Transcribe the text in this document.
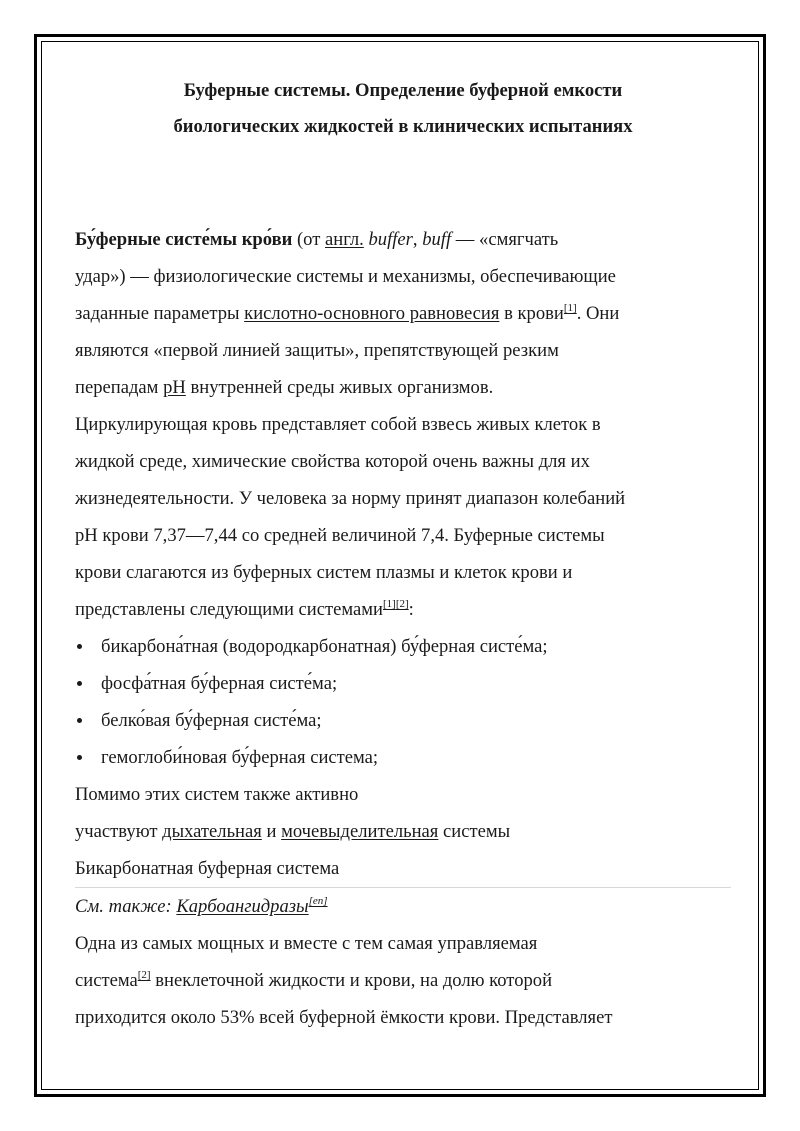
Буферные системы. Определение буферной емкости
биологических жидкостей в клинических испытаниях

Бу́ферные систе́мы кро́ви (от англ. buffer, buff — «смягчать
удар») — физиологические системы и механизмы, обеспечивающие
заданные параметры кислотно-основного равновесия в крови[1]. Они
являются «первой линией защиты», препятствующей резким
перепадам pH внутренней среды живых организмов.

Циркулирующая кровь представляет собой взвесь живых клеток в
жидкой среде, химические свойства которой очень важны для их
жизнедеятельности. У человека за норму принят диапазон колебаний
pH крови 7,37—7,44 со средней величиной 7,4. Буферные системы
крови слагаются из буферных систем плазмы и клеток крови и
представлены следующими системами[1][2]:

бикарбона́тная (водородкарбонатная) бу́ферная систе́ма;
фосфа́тная бу́ферная систе́ма;
белко́вая бу́ферная систе́ма;
гемоглоби́новая бу́ферная система;

Помимо этих систем также активно
участвуют дыхательная и мочевыделительная системы

Бикарбонатная буферная система

См. также: Карбоангидразы[en]

Одна из самых мощных и вместе с тем самая управляемая
система[2] внеклеточной жидкости и крови, на долю которой
приходится около 53% всей буферной ёмкости крови. Представляет
